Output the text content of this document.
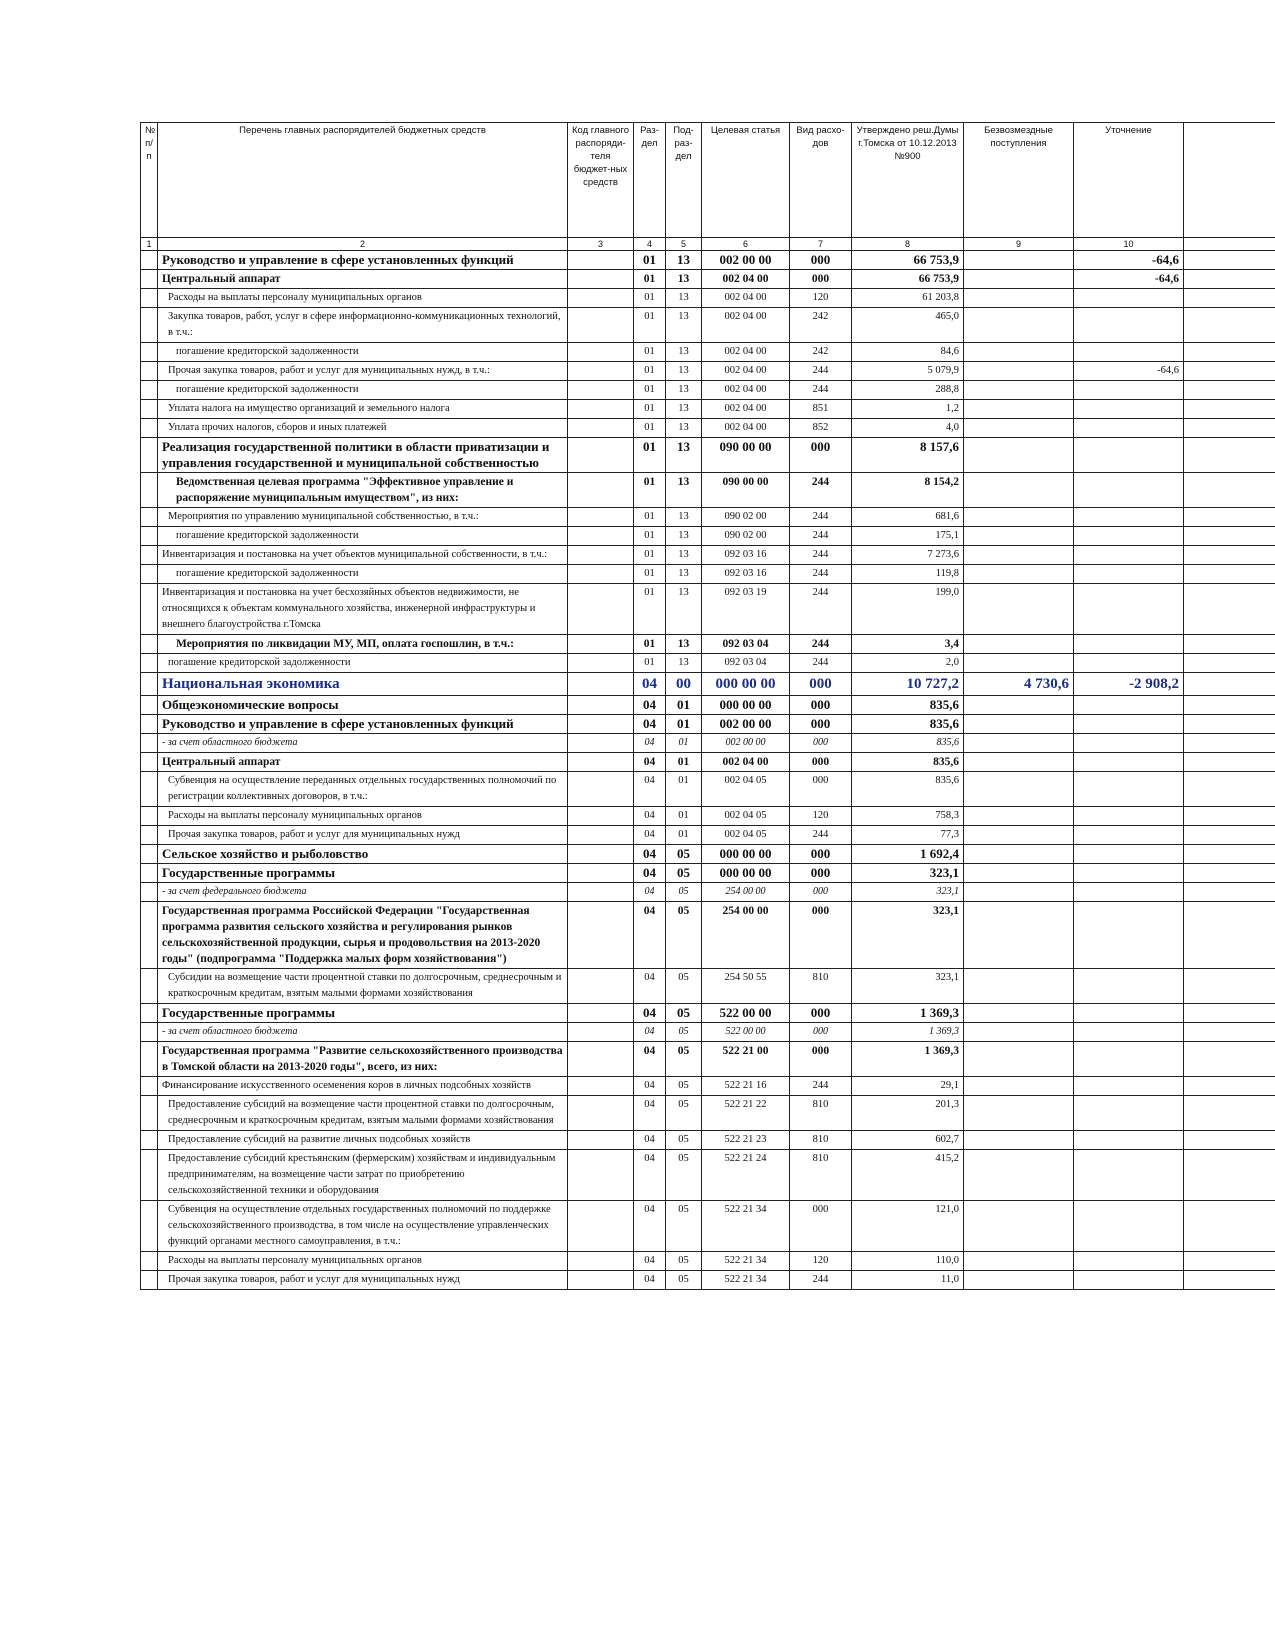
№ п/п	Перечень главных распорядителей бюджетных средств	Код главного распоряди-теля бюджет-ных средств	Раз-дел	Под-раз-дел	Целевая статья	Вид расхо-дов	Утверждено реш.Думы г.Томска от 10.12.2013 №900	Безвозмездные поступления	Уточнение	
1	2	3	4	5	6	7	8	9	10	
	Руководство и управление в сфере установленных функций		01	13	002 00 00	000	66 753,9		-64,6	
	Центральный аппарат		01	13	002 04 00	000	66 753,9		-64,6	
	Расходы на выплаты персоналу муниципальных органов		01	13	002 04 00	120	61 203,8			
	Закупка товаров, работ, услуг в сфере информационно-коммуникационных технологий, в т.ч.:		01	13	002 04 00	242	465,0			
	погашение кредиторской задолженности		01	13	002 04 00	242	84,6			
	Прочая закупка товаров, работ и услуг для муниципальных нужд, в т.ч.:		01	13	002 04 00	244	5 079,9		-64,6	
	погашение кредиторской задолженности		01	13	002 04 00	244	288,8			
	Уплата налога на имущество организаций и земельного налога		01	13	002 04 00	851	1,2			
	Уплата прочих налогов, сборов и иных платежей		01	13	002 04 00	852	4,0			
	Реализация государственной политики в области приватизации и управления государственной и муниципальной собственностью		01	13	090 00 00	000	8 157,6			
	Ведомственная целевая программа "Эффективное управление и распоряжение муниципальным имуществом", из них:		01	13	090 00 00	244	8 154,2			
	Мероприятия по управлению муниципальной собственностью, в т.ч.:		01	13	090 02 00	244	681,6			
	погашение кредиторской задолженности		01	13	090 02 00	244	175,1			
	Инвентаризация и постановка на учет объектов муниципальной собственности, в т.ч.:		01	13	092 03 16	244	7 273,6			
	погашение кредиторской задолженности		01	13	092 03 16	244	119,8			
	Инвентаризация и постановка на учет бесхозяйных объектов недвижимости, не относящихся к объектам коммунального хозяйства, инженерной инфраструктуры и внешнего благоустройства г.Томска		01	13	092 03 19	244	199,0			
	Мероприятия по ликвидации МУ, МП, оплата госпошлин, в т.ч.:		01	13	092 03 04	244	3,4			
	погашение кредиторской задолженности		01	13	092 03 04	244	2,0			
	Национальная экономика		04	00	000 00 00	000	10 727,2	4 730,6	-2 908,2	
	Общеэкономические вопросы		04	01	000 00 00	000	835,6			
	Руководство и управление в сфере установленных функций		04	01	002 00 00	000	835,6			
	- за счет областного бюджета		04	01	002 00 00	000	835,6			
	Центральный аппарат		04	01	002 04 00	000	835,6			
	Субвенция на осуществление переданных отдельных государственных полномочий по регистрации коллективных договоров, в т.ч.:		04	01	002 04 05	000	835,6			
	Расходы на выплаты персоналу муниципальных органов		04	01	002 04 05	120	758,3			
	Прочая закупка товаров, работ и услуг для муниципальных нужд		04	01	002 04 05	244	77,3			
	Сельское хозяйство и рыболовство		04	05	000 00 00	000	1 692,4			
	Государственные программы		04	05	000 00 00	000	323,1			
	- за счет федерального бюджета		04	05	254 00 00	000	323,1			
	Государственная программа Российской Федерации "Государственная программа развития сельского хозяйства и регулирования рынков сельскохозяйственной продукции, сырья и продовольствия на 2013-2020 годы" (подпрограмма "Поддержка малых форм хозяйствования")		04	05	254 00 00	000	323,1			
	Субсидии на возмещение части процентной ставки по долгосрочным, среднесрочным и краткосрочным кредитам, взятым малыми формами хозяйствования		04	05	254 50 55	810	323,1			
	Государственные программы		04	05	522 00 00	000	1 369,3			
	- за счет областного бюджета		04	05	522 00 00	000	1 369,3			
	Государственная программа "Развитие сельскохозяйственного производства в Томской области на 2013-2020 годы", всего, из них:		04	05	522 21 00	000	1 369,3			
	Финансирование искусственного осеменения коров в личных подсобных хозяйств		04	05	522 21 16	244	29,1			
	Предоставление субсидий на возмещение части процентной ставки по долгосрочным, среднесрочным и краткосрочным кредитам, взятым малыми формами хозяйствования		04	05	522 21 22	810	201,3			
	Предоставление субсидий на развитие личных подсобных хозяйств		04	05	522 21 23	810	602,7			
	Предоставление субсидий крестьянским (фермерским) хозяйствам и индивидуальным предпринимателям, на возмещение части затрат по приобретению сельскохозяйственной техники и оборудования		04	05	522 21 24	810	415,2			
	Субвенция на осуществление отдельных государственных полномочий по поддержке сельскохозяйственного производства, в том числе на осуществление управленческих функций органами местного самоуправления, в т.ч.:		04	05	522 21 34	000	121,0			
	Расходы на выплаты персоналу муниципальных органов		04	05	522 21 34	120	110,0			
	Прочая закупка товаров, работ и услуг для муниципальных нужд		04	05	522 21 34	244	11,0			
